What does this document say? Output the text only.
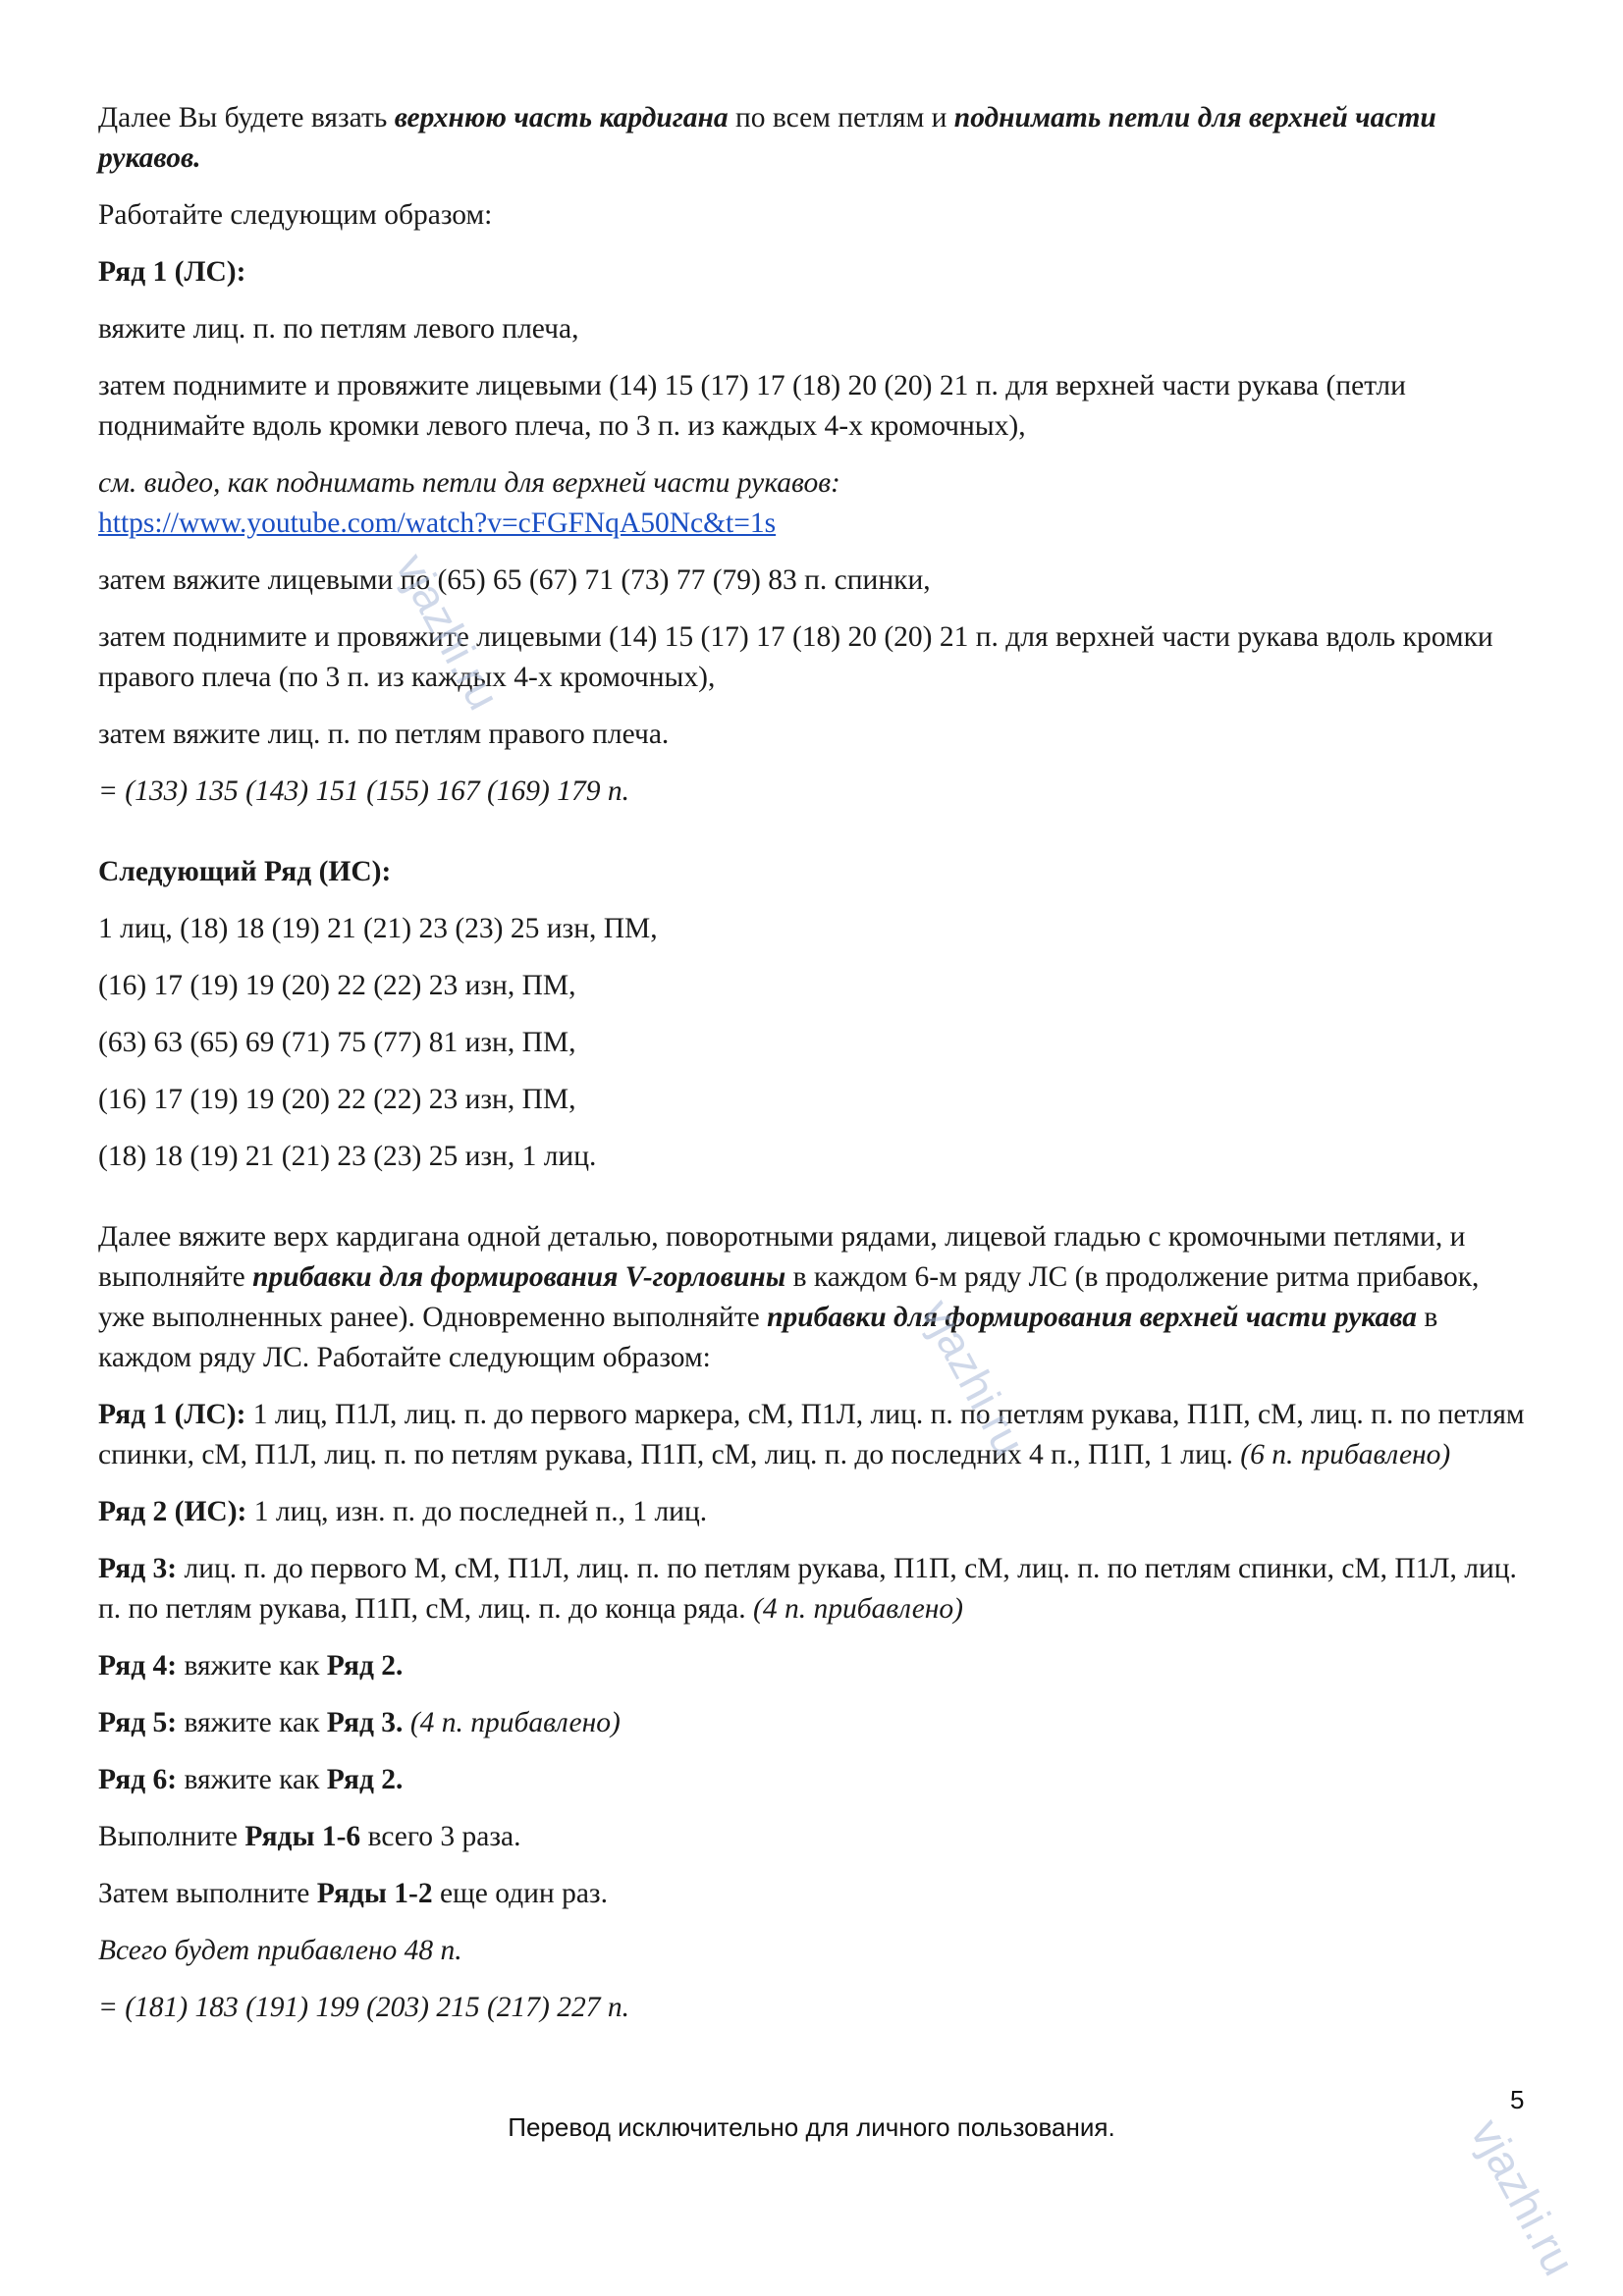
Далее Вы будете вязать верхнюю часть кардигана по всем петлям и поднимать петли для верхней части рукавов.

Работайте следующим образом:

Ряд 1 (ЛС):

вяжите лиц. п. по петлям левого плеча,

затем поднимите и провяжите лицевыми (14) 15 (17) 17 (18) 20 (20) 21 п. для верхней части рукава (петли поднимайте вдоль кромки левого плеча, по 3 п. из каждых 4-х кромочных),

см. видео, как поднимать петли для верхней части рукавов:
https://www.youtube.com/watch?v=cFGFNqA50Nc&t=1s

затем вяжите лицевыми по (65) 65 (67) 71 (73) 77 (79) 83 п. спинки,

затем поднимите и провяжите лицевыми (14) 15 (17) 17 (18) 20 (20) 21 п. для верхней части рукава вдоль кромки правого плеча (по 3 п. из каждых 4-х кромочных),

затем вяжите лиц. п. по петлям правого плеча.

= (133) 135 (143) 151 (155) 167 (169) 179 п.

Следующий Ряд (ИС):

1 лиц, (18) 18 (19) 21 (21) 23 (23) 25 изн, ПМ,

(16) 17 (19) 19 (20) 22 (22) 23 изн, ПМ,

(63) 63 (65) 69 (71) 75 (77) 81 изн, ПМ,

(16) 17 (19) 19 (20) 22 (22) 23 изн, ПМ,

(18) 18 (19) 21 (21) 23 (23) 25 изн, 1 лиц.

Далее вяжите верх кардигана одной деталью, поворотными рядами, лицевой гладью с кромочными петлями, и выполняйте прибавки для формирования V-горловины в каждом 6-м ряду ЛС (в продолжение ритма прибавок, уже выполненных ранее). Одновременно выполняйте прибавки для формирования верхней части рукава в каждом ряду ЛС. Работайте следующим образом:

Ряд 1 (ЛС): 1 лиц, П1Л, лиц. п. до первого маркера, сМ, П1Л, лиц. п. по петлям рукава, П1П, сМ, лиц. п. по петлям спинки, сМ, П1Л, лиц. п. по петлям рукава, П1П, сМ, лиц. п. до последних 4 п., П1П, 1 лиц. (6 п. прибавлено)

Ряд 2 (ИС): 1 лиц, изн. п. до последней п., 1 лиц.

Ряд 3: лиц. п. до первого М, сМ, П1Л, лиц. п. по петлям рукава, П1П, сМ, лиц. п. по петлям спинки, сМ, П1Л, лиц. п. по петлям рукава, П1П, сМ, лиц. п. до конца ряда. (4 п. прибавлено)

Ряд 4: вяжите как Ряд 2.

Ряд 5: вяжите как Ряд 3. (4 п. прибавлено)

Ряд 6: вяжите как Ряд 2.

Выполните Ряды 1-6 всего 3 раза.

Затем выполните Ряды 1-2 еще один раз.

Всего будет прибавлено 48 п.

= (181) 183 (191) 199 (203) 215 (217) 227 п.

vjazhi.ru
vjazhi.ru
vjazhi.ru
5
Перевод исключительно для личного пользования.
